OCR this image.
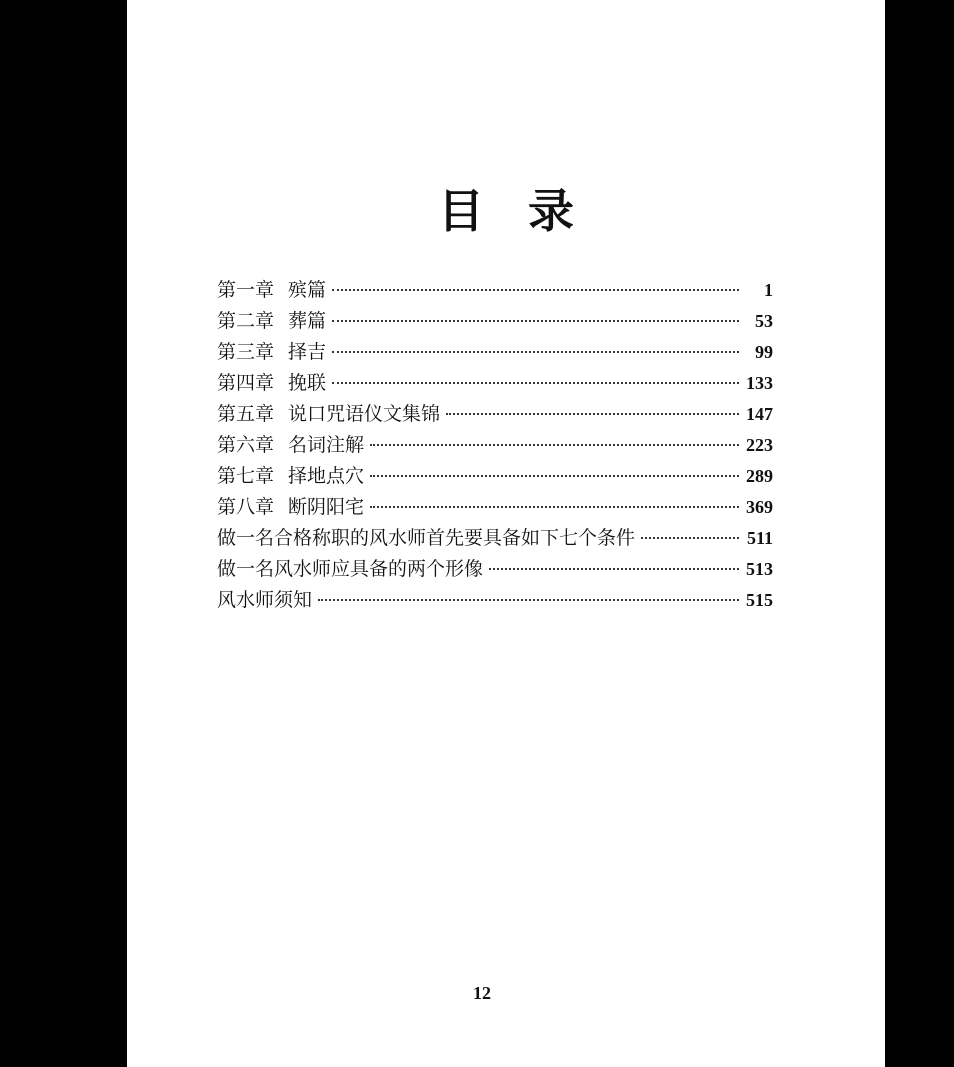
目 录
第一章 殡篇	1
第二章 葬篇	53
第三章 择吉	99
第四章 挽联	133
第五章 说口咒语仪文集锦	147
第六章 名词注解	223
第七章 择地点穴	289
第八章 断阴阳宅	369
做一名合格称职的风水师首先要具备如下七个条件	511
做一名风水师应具备的两个形像	513
风水师须知	515
12
